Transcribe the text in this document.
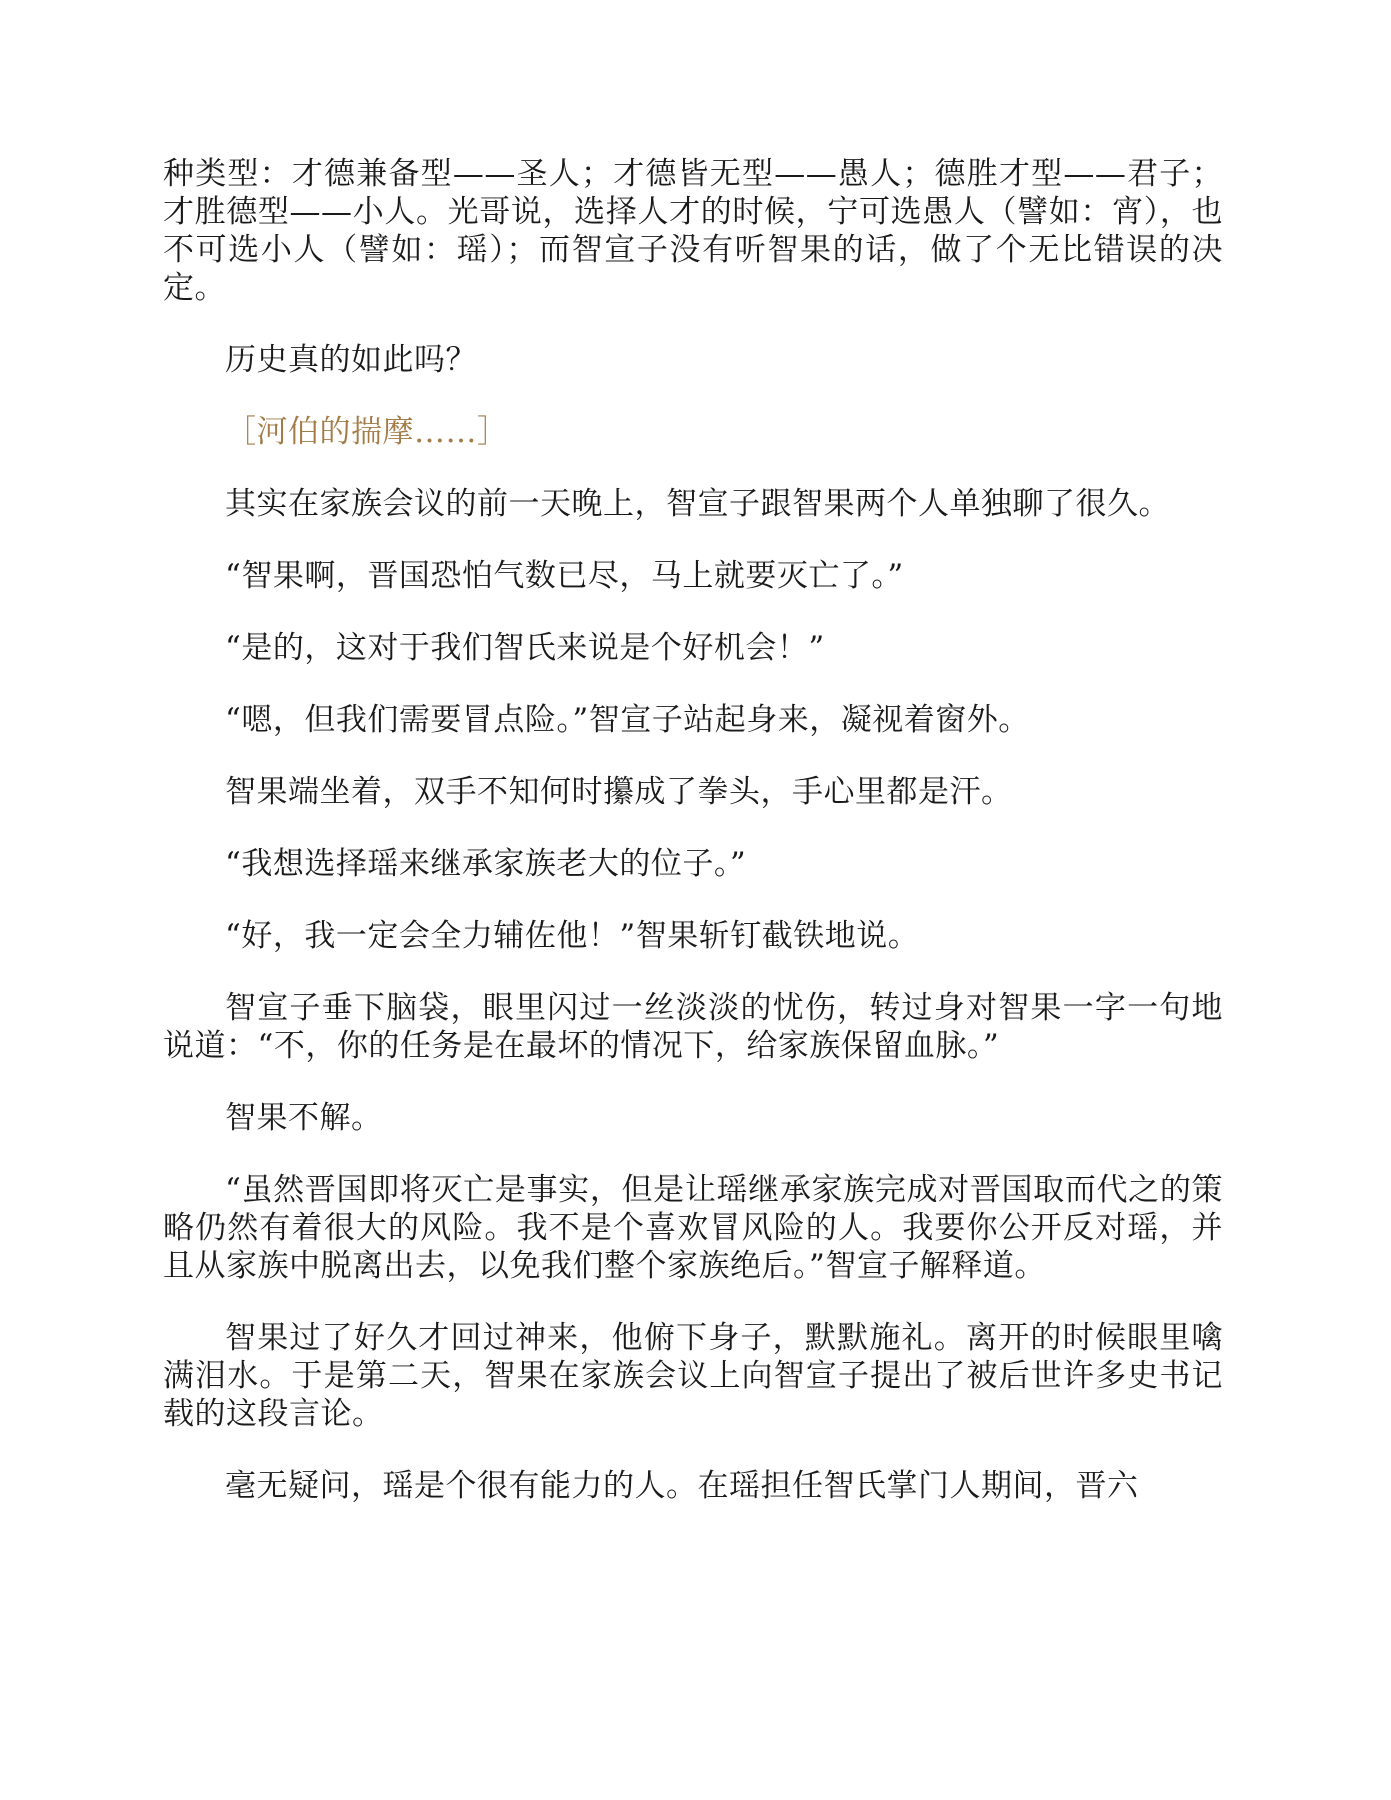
种类型：才德兼备型——圣人；才德皆无型——愚人；德胜才型——君子；才胜德型——小人。光哥说，选择人才的时候，宁可选愚人（譬如：宵），也不可选小人（譬如：瑶）；而智宣子没有听智果的话，做了个无比错误的决定。

历史真的如此吗？

［河伯的揣摩……］

其实在家族会议的前一天晚上，智宣子跟智果两个人单独聊了很久。

“智果啊，晋国恐怕气数已尽，马上就要灭亡了。”

“是的，这对于我们智氏来说是个好机会！”

“嗯，但我们需要冒点险。”智宣子站起身来，凝视着窗外。

智果端坐着，双手不知何时攥成了拳头，手心里都是汗。

“我想选择瑶来继承家族老大的位子。”

“好，我一定会全力辅佐他！”智果斩钉截铁地说。

智宣子垂下脑袋，眼里闪过一丝淡淡的忧伤，转过身对智果一字一句地说道：“不，你的任务是在最坏的情况下，给家族保留血脉。”

智果不解。

“虽然晋国即将灭亡是事实，但是让瑶继承家族完成对晋国取而代之的策略仍然有着很大的风险。我不是个喜欢冒风险的人。我要你公开反对瑶，并且从家族中脱离出去，以免我们整个家族绝后。”智宣子解释道。

智果过了好久才回过神来，他俯下身子，默默施礼。离开的时候眼里噙满泪水。于是第二天，智果在家族会议上向智宣子提出了被后世许多史书记载的这段言论。

毫无疑问，瑶是个很有能力的人。在瑶担任智氏掌门人期间，晋六
